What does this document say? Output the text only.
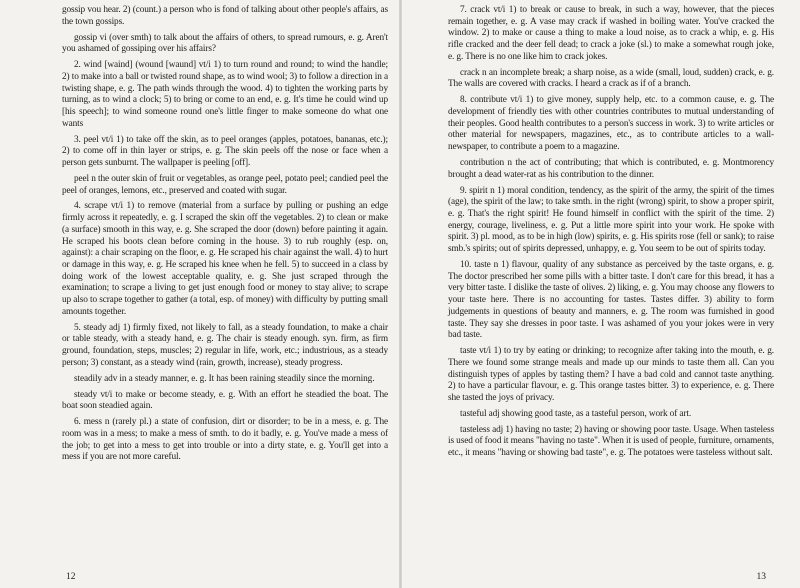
gossip vou hear. 2) (count.) a person who is fond of talking about other people's affairs, as the town gossips.

gossip vi (over smth) to talk about the affairs of others, to spread rumours, e. g. Aren't you ashamed of gossiping over his affairs?

2. wind [waind] (wound [waund] vt/i 1) to turn round and round; to wind the handle; 2) to make into a ball or twisted round shape, as to wind wool; 3) to follow a direction in a twisting shape, e. g. The path winds through the wood. 4) to tighten the working parts by turning, as to wind a clock; 5) to bring or come to an end, e. g. It's time he could wind up [his speech]; to wind someone round one's little finger to make someone do what one wants

3. peel vt/i 1) to take off the skin, as to peel oranges (apples, potatoes, bananas, etc.); 2) to come off in thin layer or strips, e. g. The skin peels off the nose or face when a person gets sunburnt. The wallpaper is peeling [off].

peel n the outer skin of fruit or vegetables, as orange peel, potato peel; candied peel the peel of oranges, lemons, etc., preserved and coated with sugar.

4. scrape vt/i 1) to remove (material from a surface by pulling or pushing an edge firmly across it repeatedly, e. g. I scraped the skin off the vegetables. 2) to clean or make (a surface) smooth in this way, e. g. She scraped the door (down) before painting it again. He scraped his boots clean before coming in the house. 3) to rub roughly (esp. on, against): a chair scraping on the floor, e. g. He scraped his chair against the wall. 4) to hurt or damage in this way, e. g. He scraped his knee when he fell. 5) to succeed in a class by doing work of the lowest acceptable quality, e. g. She just scraped through the examination; to scrape a living to get just enough food or money to stay alive; to scrape up also to scrape together to gather (a total, esp. of money) with difficulty by putting small amounts together.

5. steady adj 1) firmly fixed, not likely to fall, as a steady foundation, to make a chair or table steady, with a steady hand, e. g. The chair is steady enough. syn. firm, as firm ground, foundation, steps, muscles; 2) regular in life, work, etc.; industrious, as a steady person; 3) constant, as a steady wind (rain, growth, increase), steady progress.

steadily adv in a steady manner, e. g. It has been raining steadily since the morning.

steady vt/i to make or become steady, e. g. With an effort he steadied the boat. The boat soon steadied again.

6. mess n (rarely pl.) a state of confusion, dirt or disorder; to be in a mess, e. g. The room was in a mess; to make a mess of smth. to do it badly, e. g. You've made a mess of the job; to get into a mess to get into trouble or into a dirty state, e. g. You'll get into a mess if you are not more careful.

7. crack vt/i 1) to break or cause to break, in such a way, however, that the pieces remain together, e. g. A vase may crack if washed in boiling water. You've cracked the window. 2) to make or cause a thing to make a loud noise, as to crack a whip, e. g. His rifle cracked and the deer fell dead; to crack a joke (sl.) to make a somewhat rough joke, e. g. There is no one like him to crack jokes.

crack n an incomplete break; a sharp noise, as a wide (small, loud, sudden) crack, e. g. The walls are covered with cracks. I heard a crack as if of a branch.

8. contribute vt/i 1) to give money, supply help, etc. to a common cause, e. g. The development of friendly ties with other countries contributes to mutual understanding of their peoples. Good health contributes to a person's success in work. 3) to write articles or other material for newspapers, magazines, etc., as to contribute articles to a wall-newspaper, to contribute a poem to a magazine.

contribution n the act of contributing; that which is contributed, e. g. Montmorency brought a dead water-rat as his contribution to the dinner.

9. spirit n 1) moral condition, tendency, as the spirit of the army, the spirit of the times (age), the spirit of the law; to take smth. in the right (wrong) spirit, to show a proper spirit, e. g. That's the right spirit! He found himself in conflict with the spirit of the time. 2) energy, courage, liveliness, e. g. Put a little more spirit into your work. He spoke with spirit. 3) pl. mood, as to be in high (low) spirits, e. g. His spirits rose (fell or sank); to raise smb.'s spirits; out of spirits depressed, unhappy, e. g. You seem to be out of spirits today.

10. taste n 1) flavour, quality of any substance as perceived by the taste organs, e. g. The doctor prescribed her some pills with a bitter taste. I don't care for this bread, it has a very bitter taste. I dislike the taste of olives. 2) liking, e. g. You may choose any flowers to your taste here. There is no accounting for tastes. Tastes differ. 3) ability to form judgements in questions of beauty and manners, e. g. The room was furnished in good taste. They say she dresses in poor taste. I was ashamed of you your jokes were in very bad taste.

taste vt/i 1) to try by eating or drinking; to recognize after taking into the mouth, e. g. There we found some strange meals and made up our minds to taste them all. Can you distinguish types of apples by tasting them? I have a bad cold and cannot taste anything. 2) to have a particular flavour, e. g. This orange tastes bitter. 3) to experience, e. g. There she tasted the joys of privacy.

tasteful adj showing good taste, as a tasteful person, work of art.

tasteless adj 1) having no taste; 2) having or showing poor taste. Usage. When tasteless is used of food it means "having no taste". When it is used of people, furniture, ornaments, etc., it means "having or showing bad taste", e. g. The potatoes were tasteless without salt.

12	13
